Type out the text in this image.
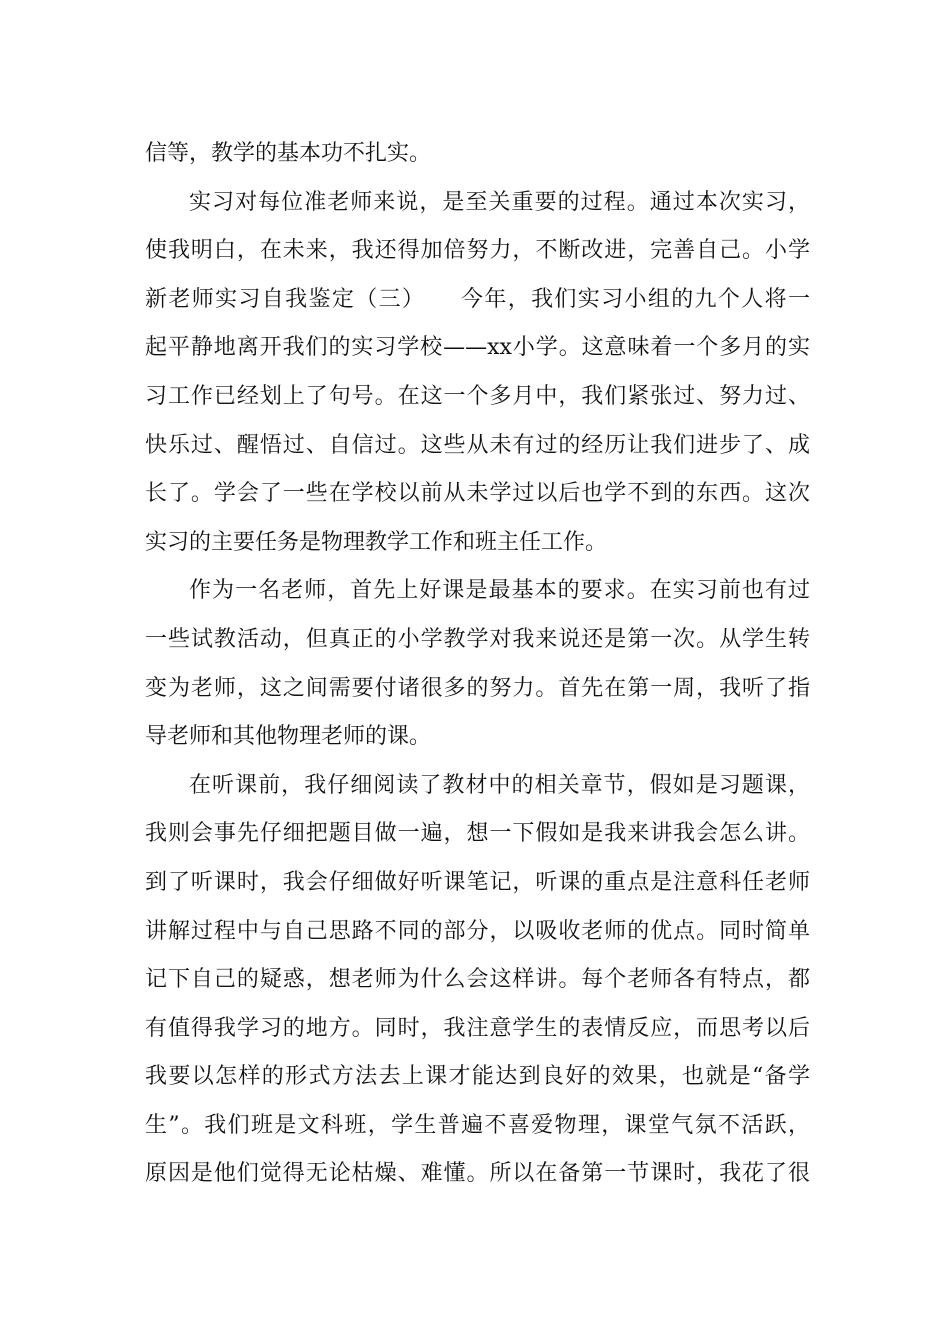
信等，教学的基本功不扎实。
实习对每位准老师来说，是至关重要的过程。通过本次实习，
使我明白，在未来，我还得加倍努力，不断改进，完善自己。小学
新老师实习自我鉴定（三）　　今年，我们实习小组的九个人将一
起平静地离开我们的实习学校——xx小学。这意味着一个多月的实
习工作已经划上了句号。在这一个多月中，我们紧张过、努力过、
快乐过、醒悟过、自信过。这些从未有过的经历让我们进步了、成
长了。学会了一些在学校以前从未学过以后也学不到的东西。这次
实习的主要任务是物理教学工作和班主任工作。
作为一名老师，首先上好课是最基本的要求。在实习前也有过
一些试教活动，但真正的小学教学对我来说还是第一次。从学生转
变为老师，这之间需要付诸很多的努力。首先在第一周，我听了指
导老师和其他物理老师的课。
在听课前，我仔细阅读了教材中的相关章节，假如是习题课，
我则会事先仔细把题目做一遍，想一下假如是我来讲我会怎么讲。
到了听课时，我会仔细做好听课笔记，听课的重点是注意科任老师
讲解过程中与自己思路不同的部分，以吸收老师的优点。同时简单
记下自己的疑惑，想老师为什么会这样讲。每个老师各有特点，都
有值得我学习的地方。同时，我注意学生的表情反应，而思考以后
我要以怎样的形式方法去上课才能达到良好的效果，也就是“备学
生”。我们班是文科班，学生普遍不喜爱物理，课堂气氛不活跃，
原因是他们觉得无论枯燥、难懂。所以在备第一节课时，我花了很
